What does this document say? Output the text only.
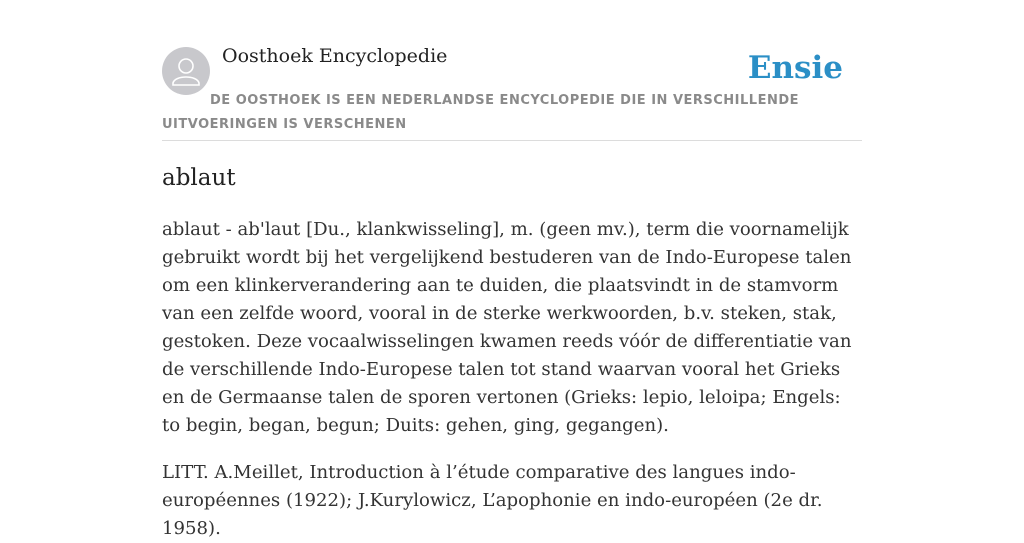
Oosthoek Encyclopedie	Ensie
DE OOSTHOEK IS EEN NEDERLANDSE ENCYCLOPEDIE DIE IN VERSCHILLENDE UITVOERINGEN IS VERSCHENEN
ablaut

ablaut - ab'laut [Du., klankwisseling], m. (geen mv.), term die voornamelijk gebruikt wordt bij het vergelijkend bestuderen van de Indo-Europese talen om een klinkerverandering aan te duiden, die plaatsvindt in de stamvorm van een zelfde woord, vooral in de sterke werkwoorden, b.v. steken, stak, gestoken. Deze vocaalwisselingen kwamen reeds vóór de differentiatie van de verschillende Indo-Europese talen tot stand waarvan vooral het Grieks en de Germaanse talen de sporen vertonen (Grieks: lepio, leloipa; Engels: to begin, began, begun; Duits: gehen, ging, gegangen).

LITT. A.Meillet, Introduction à l’étude comparative des langues indo-européennes (1922); J.Kurylowicz, L’apophonie en indo-européen (2e dr. 1958).
